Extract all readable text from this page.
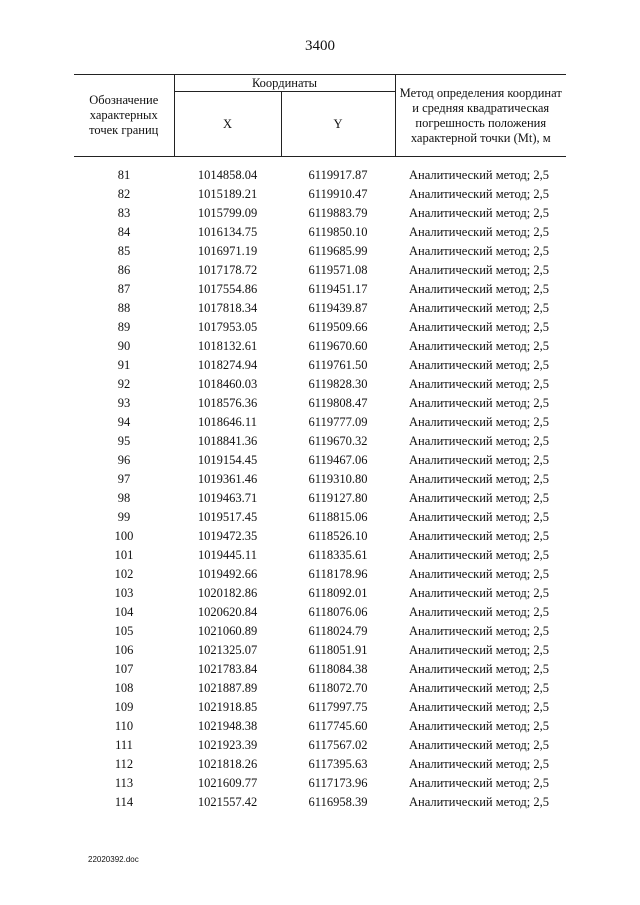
3400
Обозначение характерных точек границ	Координаты		Метод определения координат и средняя квадратическая погрешность положения характерной точки (Mt), м
	X	Y	
81	1014858.04	6119917.87	Аналитический метод; 2,5
82	1015189.21	6119910.47	Аналитический метод; 2,5
83	1015799.09	6119883.79	Аналитический метод; 2,5
84	1016134.75	6119850.10	Аналитический метод; 2,5
85	1016971.19	6119685.99	Аналитический метод; 2,5
86	1017178.72	6119571.08	Аналитический метод; 2,5
87	1017554.86	6119451.17	Аналитический метод; 2,5
88	1017818.34	6119439.87	Аналитический метод; 2,5
89	1017953.05	6119509.66	Аналитический метод; 2,5
90	1018132.61	6119670.60	Аналитический метод; 2,5
91	1018274.94	6119761.50	Аналитический метод; 2,5
92	1018460.03	6119828.30	Аналитический метод; 2,5
93	1018576.36	6119808.47	Аналитический метод; 2,5
94	1018646.11	6119777.09	Аналитический метод; 2,5
95	1018841.36	6119670.32	Аналитический метод; 2,5
96	1019154.45	6119467.06	Аналитический метод; 2,5
97	1019361.46	6119310.80	Аналитический метод; 2,5
98	1019463.71	6119127.80	Аналитический метод; 2,5
99	1019517.45	6118815.06	Аналитический метод; 2,5
100	1019472.35	6118526.10	Аналитический метод; 2,5
101	1019445.11	6118335.61	Аналитический метод; 2,5
102	1019492.66	6118178.96	Аналитический метод; 2,5
103	1020182.86	6118092.01	Аналитический метод; 2,5
104	1020620.84	6118076.06	Аналитический метод; 2,5
105	1021060.89	6118024.79	Аналитический метод; 2,5
106	1021325.07	6118051.91	Аналитический метод; 2,5
107	1021783.84	6118084.38	Аналитический метод; 2,5
108	1021887.89	6118072.70	Аналитический метод; 2,5
109	1021918.85	6117997.75	Аналитический метод; 2,5
110	1021948.38	6117745.60	Аналитический метод; 2,5
111	1021923.39	6117567.02	Аналитический метод; 2,5
112	1021818.26	6117395.63	Аналитический метод; 2,5
113	1021609.77	6117173.96	Аналитический метод; 2,5
114	1021557.42	6116958.39	Аналитический метод; 2,5
22020392.doc
